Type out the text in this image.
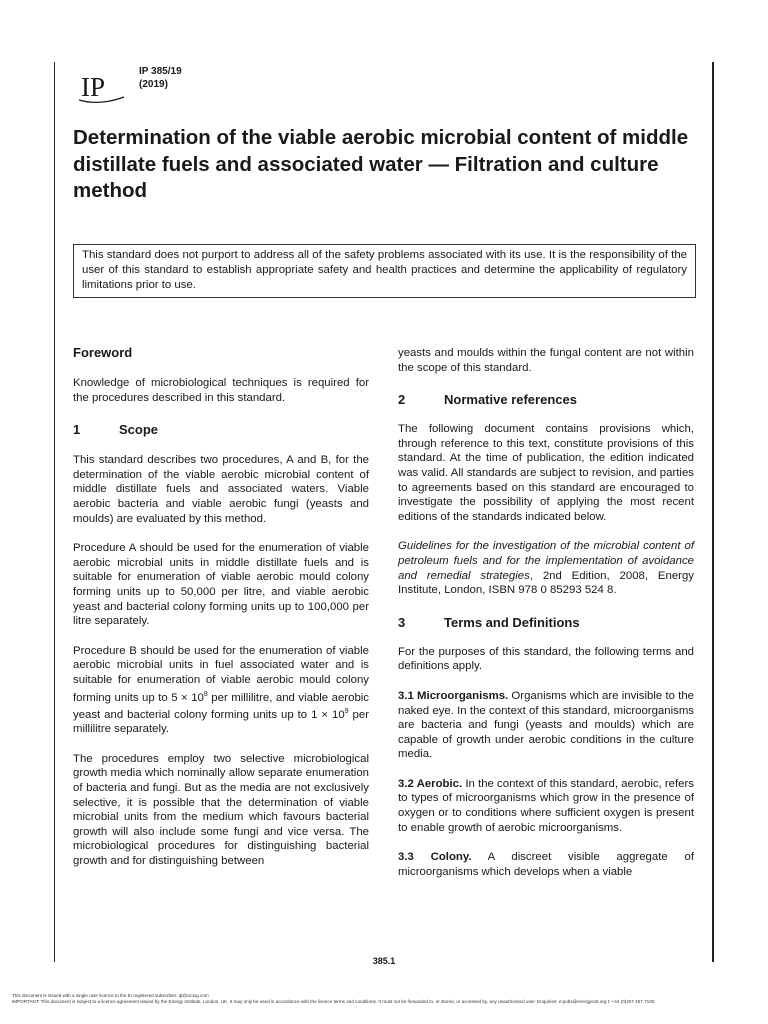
IP
IP 385/19
(2019)
Determination of the viable aerobic microbial content of middle distillate fuels and associated water — Filtration and culture method
This standard does not purport to address all of the safety problems associated with its use. It is the responsibility of the user of this standard to establish appropriate safety and health practices and determine the applicability of regulatory limitations prior to use.
Foreword

Knowledge of microbiological techniques is required for the procedures described in this standard.

1	Scope

This standard describes two procedures, A and B, for the determination of the viable aerobic microbial content of middle distillate fuels and associated waters. Viable aerobic bacteria and viable aerobic fungi (yeasts and moulds) are evaluated by this method.

Procedure A should be used for the enumeration of viable aerobic microbial units in middle distillate fuels and is suitable for enumeration of viable aerobic mould colony forming units up to 50,000 per litre, and viable aerobic yeast and bacterial colony forming units up to 100,000 per litre separately.

Procedure B should be used for the enumeration of viable aerobic microbial units in fuel associated water and is suitable for enumeration of viable aerobic mould colony forming units up to $5 \times 10^8$ per millilitre, and viable aerobic yeast and bacterial colony forming units up to $1 \times 10^9$ per millilitre separately.

The procedures employ two selective microbiological growth media which nominally allow separate enumeration of bacteria and fungi. But as the media are not exclusively selective, it is possible that the determination of viable microbial units from the medium which favours bacterial growth will also include some fungi and vice versa. The microbiological procedures for distinguishing bacterial growth and for distinguishing between

yeasts and moulds within the fungal content are not within the scope of this standard.

2	Normative references

The following document contains provisions which, through reference to this text, constitute provisions of this standard. At the time of publication, the edition indicated was valid. All standards are subject to revision, and parties to agreements based on this standard are encouraged to investigate the possibility of applying the most recent editions of the standards indicated below.

Guidelines for the investigation of the microbial content of petroleum fuels and for the implementation of avoidance and remedial strategies, 2nd Edition, 2008, Energy Institute, London, ISBN 978 0 85293 524 8.

3	Terms and Definitions

For the purposes of this standard, the following terms and definitions apply.

3.1 Microorganisms. Organisms which are invisible to the naked eye. In the context of this standard, microorganisms are bacteria and fungi (yeasts and moulds) which are capable of growth under aerobic conditions in the culture media.

3.2 Aerobic. In the context of this standard, aerobic, refers to types of microorganisms which grow in the presence of oxygen or to conditions where sufficient oxygen is present to enable growth of aerobic microorganisms.

3.3 Colony. A discreet visible aggregate of microorganisms which develops when a viable

385.1
This document is issued with a single user licence to the EI registered subscriber: ql@cictxg.com
IMPORTANT: This document is subject to a licence agreement issued by the Energy Institute, London, UK. It may only be used in accordance with the licence terms and conditions. It must not be forwarded to, or stored, or accessed by, any unauthorised user. Enquiries: e:pubs@energyinst.org t: +44 (0)207 467 7100
